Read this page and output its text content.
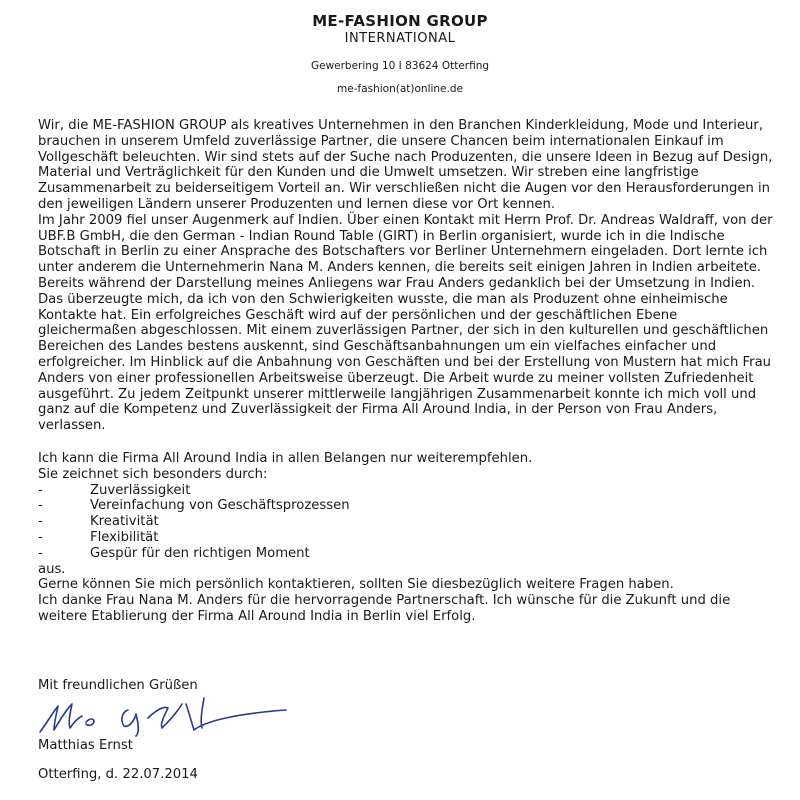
ME-FASHION GROUP
INTERNATIONAL
Gewerbering 10 I 83624 Otterfing
me-fashion(at)online.de

Wir, die ME-FASHION GROUP als kreatives Unternehmen in den Branchen Kinderkleidung, Mode und Interieur, brauchen in unserem Umfeld zuverlässige Partner, die unsere Chancen beim internationalen Einkauf im Vollgeschäft beleuchten. Wir sind stets auf der Suche nach Produzenten, die unsere Ideen in Bezug auf Design, Material und Verträglichkeit für den Kunden und die Umwelt umsetzen. Wir streben eine langfristige Zusammenarbeit zu beiderseitigem Vorteil an. Wir verschließen nicht die Augen vor den Herausforderungen in den jeweiligen Ländern unserer Produzenten und lernen diese vor Ort kennen.

Im Jahr 2009 fiel unser Augenmerk auf Indien. Über einen Kontakt mit Herrn Prof. Dr. Andreas Waldraff, von der UBF.B GmbH, die den German - Indian Round Table (GIRT) in Berlin organisiert, wurde ich in die Indische Botschaft in Berlin zu einer Ansprache des Botschafters vor Berliner Unternehmern eingeladen. Dort lernte ich unter anderem die Unternehmerin Nana M. Anders kennen, die bereits seit einigen Jahren in Indien arbeitete. Bereits während der Darstellung meines Anliegens war Frau Anders gedanklich bei der Umsetzung in Indien. Das überzeugte mich, da ich von den Schwierigkeiten wusste, die man als Produzent ohne einheimische Kontakte hat. Ein erfolgreiches Geschäft wird auf der persönlichen und der geschäftlichen Ebene gleichermaßen abgeschlossen. Mit einem zuverlässigen Partner, der sich in den kulturellen und geschäftlichen Bereichen des Landes bestens auskennt, sind Geschäftsanbahnungen um ein vielfaches einfacher und erfolgreicher. Im Hinblick auf die Anbahnung von Geschäften und bei der Erstellung von Mustern hat mich Frau Anders von einer professionellen Arbeitsweise überzeugt. Die Arbeit wurde zu meiner vollsten Zufriedenheit ausgeführt. Zu jedem Zeitpunkt unserer mittlerweile langjährigen Zusammenarbeit konnte ich mich voll und ganz auf die Kompetenz und Zuverlässigkeit der Firma All Around India, in der Person von Frau Anders, verlassen.

Ich kann die Firma All Around India in allen Belangen nur weiterempfehlen.

Sie zeichnet sich besonders durch:

-	Zuverlässigkeit
-	Vereinfachung von Geschäftsprozessen
-	Kreativität
-	Flexibilität
-	Gespür für den richtigen Moment

aus.

Gerne können Sie mich persönlich kontaktieren, sollten Sie diesbezüglich weitere Fragen haben.

Ich danke Frau Nana M. Anders für die hervorragende Partnerschaft. Ich wünsche für die Zukunft und die weitere Etablierung der Firma All Around India in Berlin viel Erfolg.

Mit freundlichen Grüßen
Matthias Ernst
Otterfing, d. 22.07.2014
